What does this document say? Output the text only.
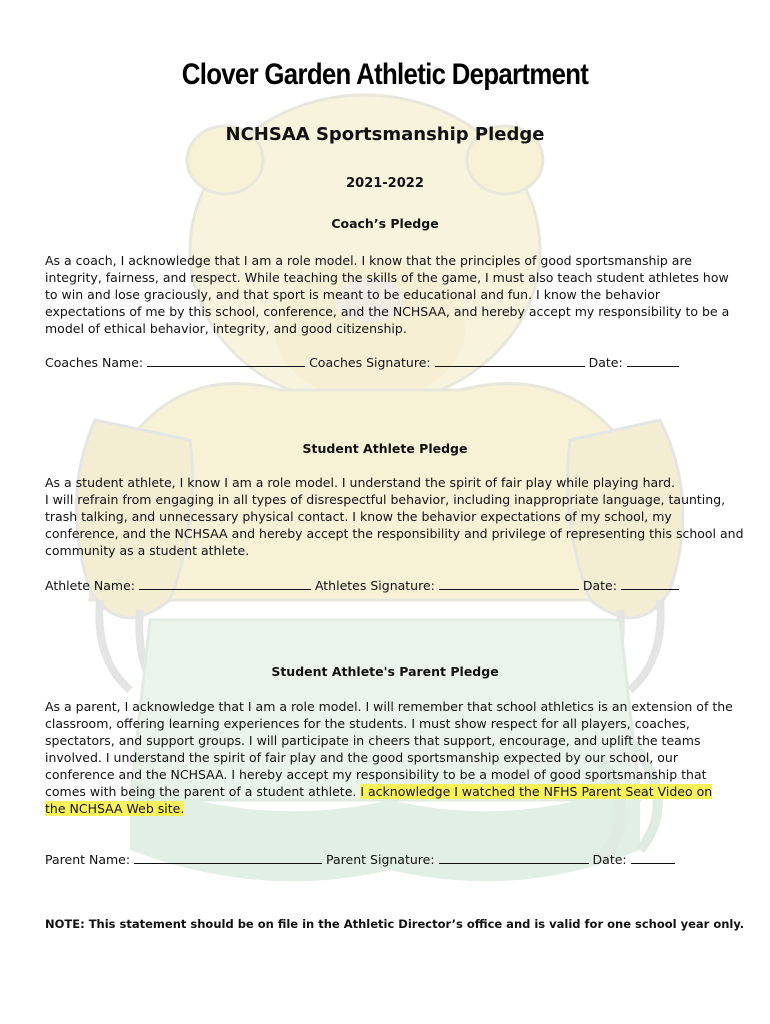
Clover Garden Athletic Department
NCHSAA Sportsmanship Pledge
2021-2022
Coach’s Pledge
As a coach, I acknowledge that I am a role model. I know that the principles of good sportsmanship are
integrity, fairness, and respect. While teaching the skills of the game, I must also teach student athletes how
to win and lose graciously, and that sport is meant to be educational and fun. I know the behavior
expectations of me by this school, conference, and the NCHSAA, and hereby accept my responsibility to be a
model of ethical behavior, integrity, and good citizenship.
Coaches Name:	Coaches Signature:	Date:
Student Athlete Pledge
As a student athlete, I know I am a role model. I understand the spirit of fair play while playing hard.
I will refrain from engaging in all types of disrespectful behavior, including inappropriate language, taunting,
trash talking, and unnecessary physical contact. I know the behavior expectations of my school, my
conference, and the NCHSAA and hereby accept the responsibility and privilege of representing this school and
community as a student athlete.
Athlete Name:	Athletes Signature:	Date:
Student Athlete's Parent Pledge
As a parent, I acknowledge that I am a role model. I will remember that school athletics is an extension of the
classroom, offering learning experiences for the students. I must show respect for all players, coaches,
spectators, and support groups. I will participate in cheers that support, encourage, and uplift the teams
involved. I understand the spirit of fair play and the good sportsmanship expected by our school, our
conference and the NCHSAA. I hereby accept my responsibility to be a model of good sportsmanship that
comes with being the parent of a student athlete. I acknowledge I watched the NFHS Parent Seat Video on
the NCHSAA Web site.
Parent Name:	Parent Signature:	Date:
NOTE: This statement should be on file in the Athletic Director’s office and is valid for one school year only.
